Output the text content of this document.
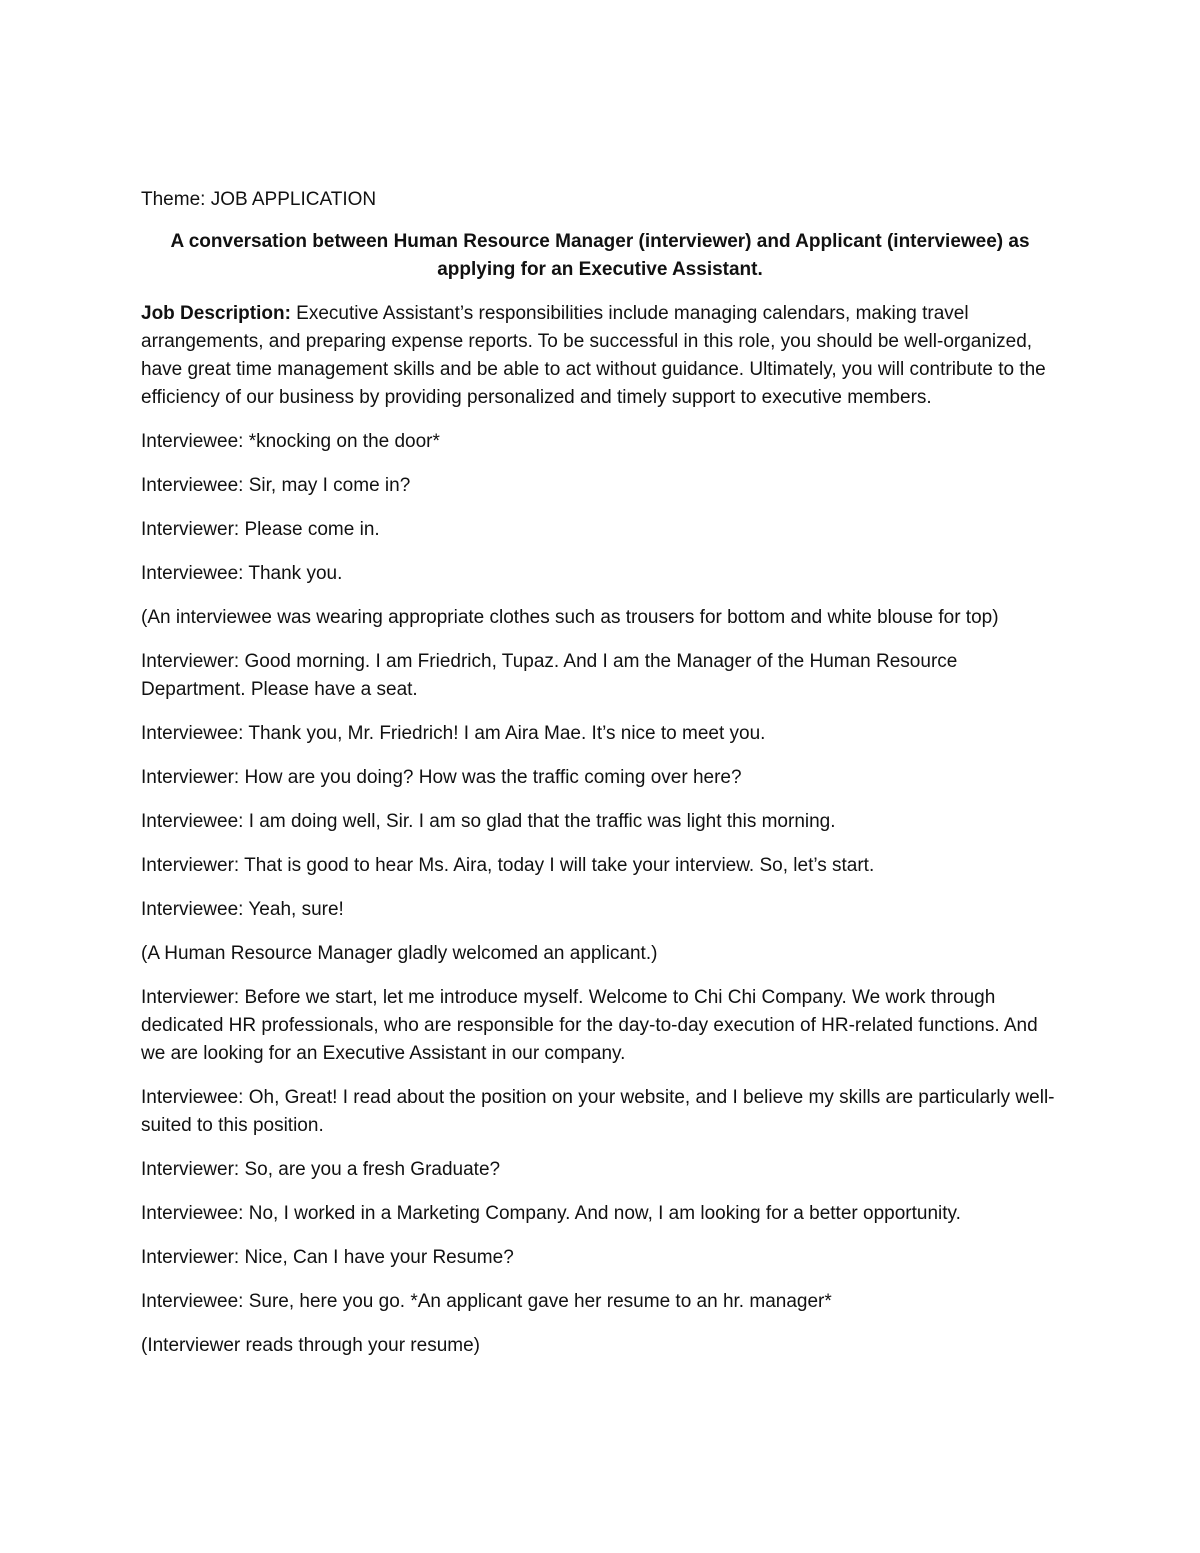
Theme: JOB APPLICATION

A conversation between Human Resource Manager (interviewer) and Applicant (interviewee) as applying for an Executive Assistant.

Job Description: Executive Assistant’s responsibilities include managing calendars, making travel arrangements, and preparing expense reports. To be successful in this role, you should be well-organized, have great time management skills and be able to act without guidance. Ultimately, you will contribute to the efficiency of our business by providing personalized and timely support to executive members.

Interviewee: *knocking on the door*

Interviewee: Sir, may I come in?

Interviewer: Please come in.

Interviewee: Thank you.

(An interviewee was wearing appropriate clothes such as trousers for bottom and white blouse for top)

Interviewer: Good morning. I am Friedrich, Tupaz. And I am the Manager of the Human Resource Department. Please have a seat.

Interviewee: Thank you, Mr. Friedrich! I am Aira Mae. It’s nice to meet you.

Interviewer: How are you doing? How was the traffic coming over here?

Interviewee: I am doing well, Sir. I am so glad that the traffic was light this morning.

Interviewer: That is good to hear Ms. Aira, today I will take your interview. So, let’s start.

Interviewee: Yeah, sure!

(A Human Resource Manager gladly welcomed an applicant.)

Interviewer: Before we start, let me introduce myself. Welcome to Chi Chi Company. We work through dedicated HR professionals, who are responsible for the day-to-day execution of HR-related functions. And we are looking for an Executive Assistant in our company.

Interviewee: Oh, Great! I read about the position on your website, and I believe my skills are particularly well-suited to this position.

Interviewer: So, are you a fresh Graduate?

Interviewee: No, I worked in a Marketing Company. And now, I am looking for a better opportunity.

Interviewer: Nice, Can I have your Resume?

Interviewee: Sure, here you go. *An applicant gave her resume to an hr. manager*

(Interviewer reads through your resume)
